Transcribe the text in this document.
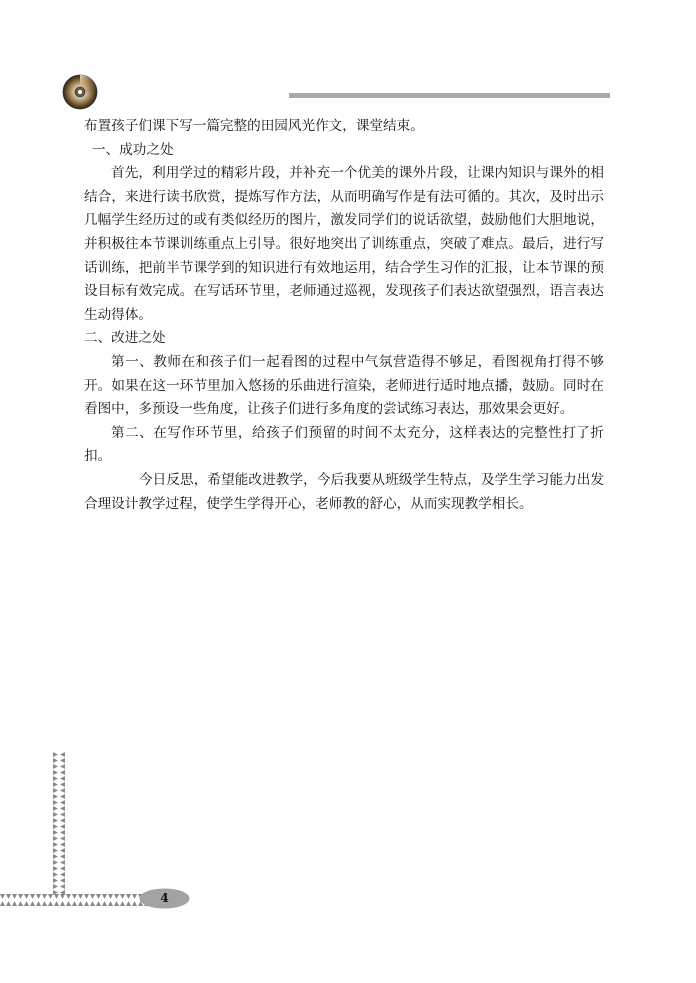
布置孩子们课下写一篇完整的田园风光作文，课堂结束。

一、成功之处

首先，利用学过的精彩片段，并补充一个优美的课外片段，让课内知识与课外的相结合，来进行读书欣赏，提炼写作方法，从而明确写作是有法可循的。其次，及时出示几幅学生经历过的或有类似经历的图片，激发同学们的说话欲望，鼓励他们大胆地说，并积极往本节课训练重点上引导。很好地突出了训练重点，突破了难点。最后，进行写话训练，把前半节课学到的知识进行有效地运用，结合学生习作的汇报，让本节课的预设目标有效完成。在写话环节里，老师通过巡视，发现孩子们表达欲望强烈，语言表达生动得体。

二、改进之处

第一、教师在和孩子们一起看图的过程中气氛营造得不够足，看图视角打得不够开。如果在这一环节里加入悠扬的乐曲进行渲染，老师进行适时地点播，鼓励。同时在看图中，多预设一些角度，让孩子们进行多角度的尝试练习表达，那效果会更好。

第二、在写作环节里，给孩子们预留的时间不太充分，这样表达的完整性打了折扣。

今日反思，希望能改进教学，今后我要从班级学生特点，及学生学习能力出发合理设计教学过程，使学生学得开心，老师教的舒心，从而实现教学相长。

4
